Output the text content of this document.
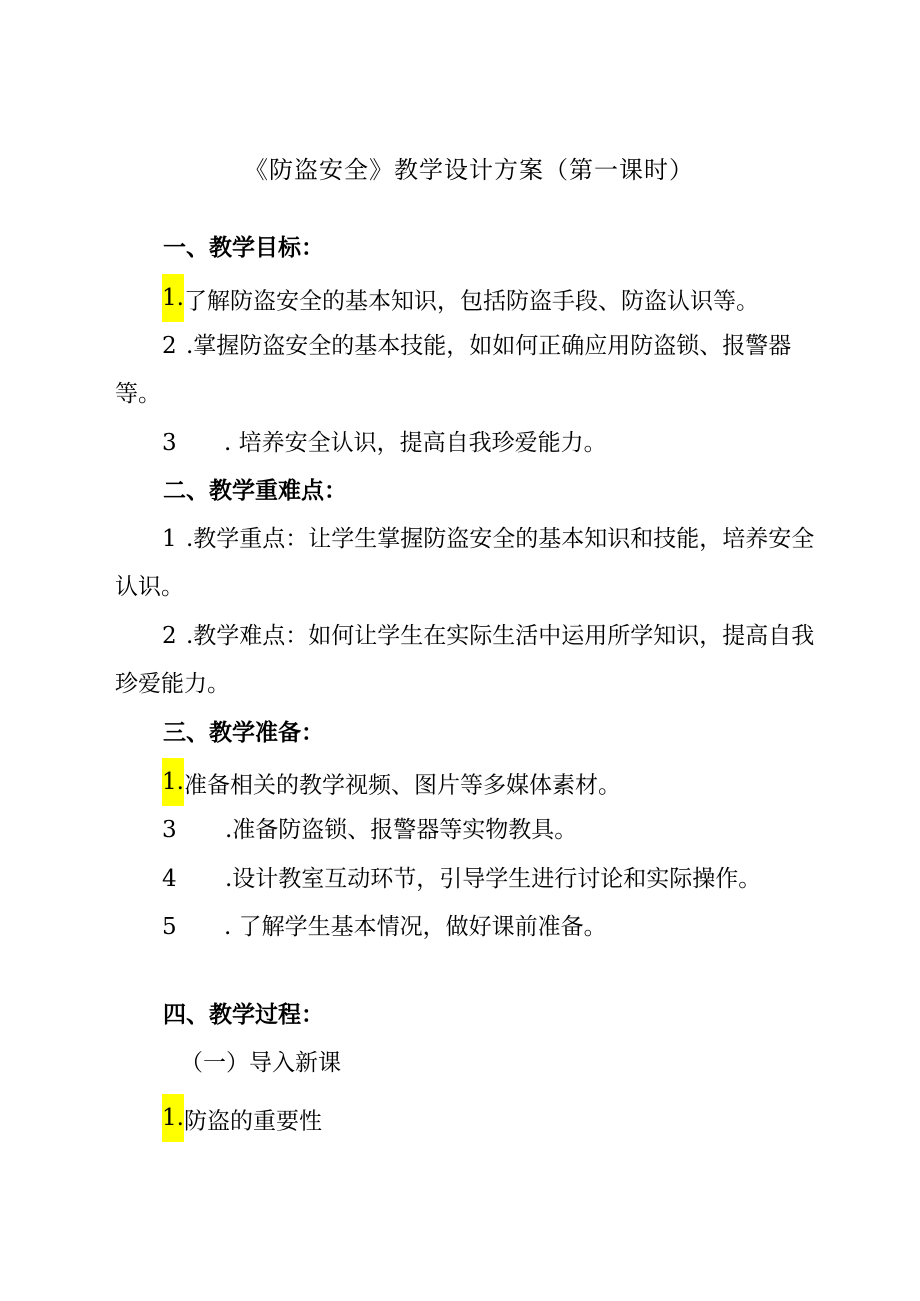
《防盗安全》教学设计方案（第一课时）
一、教学目标：
1.了解防盗安全的基本知识，包括防盗手段、防盗认识等。
2 .掌握防盗安全的基本技能，如如何正确应用防盗锁、报警器
等。
3 . 培养安全认识，提高自我珍爱能力。
二、教学重难点：
1 .教学重点：让学生掌握防盗安全的基本知识和技能，培养安全
认识。
2 .教学难点：如何让学生在实际生活中运用所学知识，提高自我
珍爱能力。
三、教学准备：
1.准备相关的教学视频、图片等多媒体素材。
3 .准备防盗锁、报警器等实物教具。
4 .设计教室互动环节，引导学生进行讨论和实际操作。
5 . 了解学生基本情况，做好课前准备。
四、教学过程：
（一）导入新课
1.防盗的重要性
